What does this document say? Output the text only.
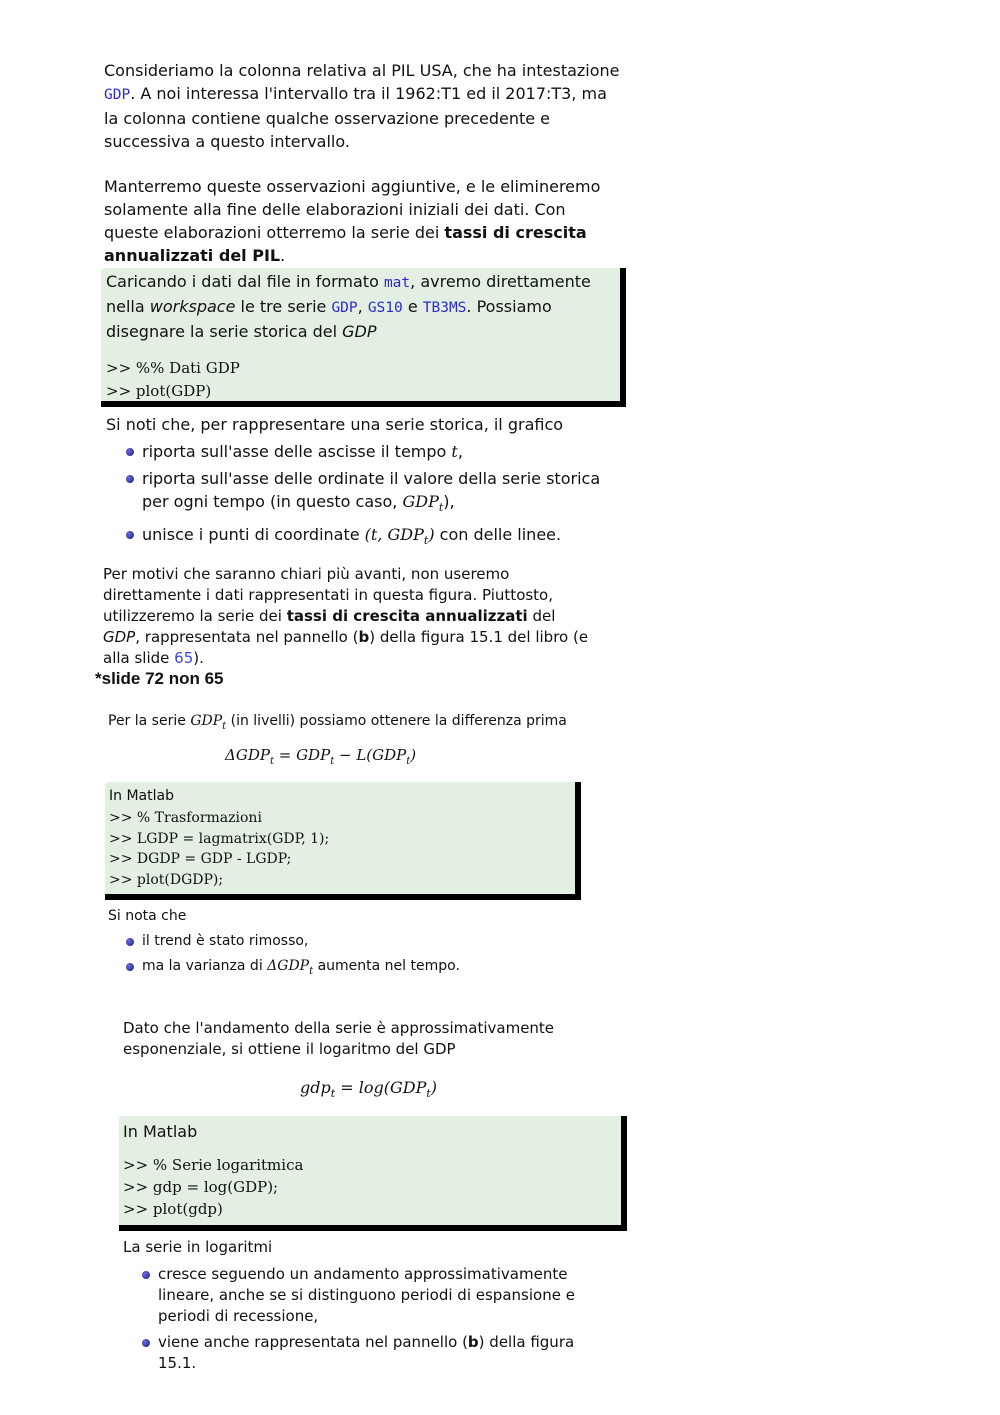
Consideriamo la colonna relativa al PIL USA, che ha intestazione GDP. A noi interessa l'intervallo tra il 1962:T1 ed il 2017:T3, ma la colonna contiene qualche osservazione precedente e successiva a questo intervallo.

Manterremo queste osservazioni aggiuntive, e le elimineremo solamente alla fine delle elaborazioni iniziali dei dati. Con queste elaborazioni otterremo la serie dei tassi di crescita annualizzati del PIL.

Caricando i dati dal file in formato mat, avremo direttamente nella workspace le tre serie GDP, GS10 e TB3MS. Possiamo disegnare la serie storica del GDP

>> %% Dati GDP
>> plot(GDP)

Si noti che, per rappresentare una serie storica, il grafico

riporta sull'asse delle ascisse il tempo t,
riporta sull'asse delle ordinate il valore della serie storica per ogni tempo (in questo caso, $GDP_t$),
unisce i punti di coordinate (t, $GDP_t$) con delle linee.

Per motivi che saranno chiari più avanti, non useremo direttamente i dati rappresentati in questa figura. Piuttosto, utilizzeremo la serie dei tassi di crescita annualizzati del GDP, rappresentata nel pannello (b) della figura 15.1 del libro (e alla slide 65).

*slide 72 non 65

Per la serie $GDP_t$ (in livelli) possiamo ottenere la differenza prima

$\Delta GDP_t = GDP_t - L(GDP_t)$
In Matlab
>> % Trasformazioni
>> LGDP = lagmatrix(GDP, 1);
>> DGDP = GDP - LGDP;
>> plot(DGDP);

Si nota che

il trend è stato rimosso,
ma la varianza di $\Delta GDP_t$ aumenta nel tempo.

Dato che l'andamento della serie è approssimativamente esponenziale, si ottiene il logaritmo del GDP

$gdp_t = \log(GDP_t)$
In Matlab
>> % Serie logaritmica
>> gdp = log(GDP);
>> plot(gdp)

La serie in logaritmi

cresce seguendo un andamento approssimativamente lineare, anche se si distinguono periodi di espansione e periodi di recessione,
viene anche rappresentata nel pannello (b) della figura 15.1.
